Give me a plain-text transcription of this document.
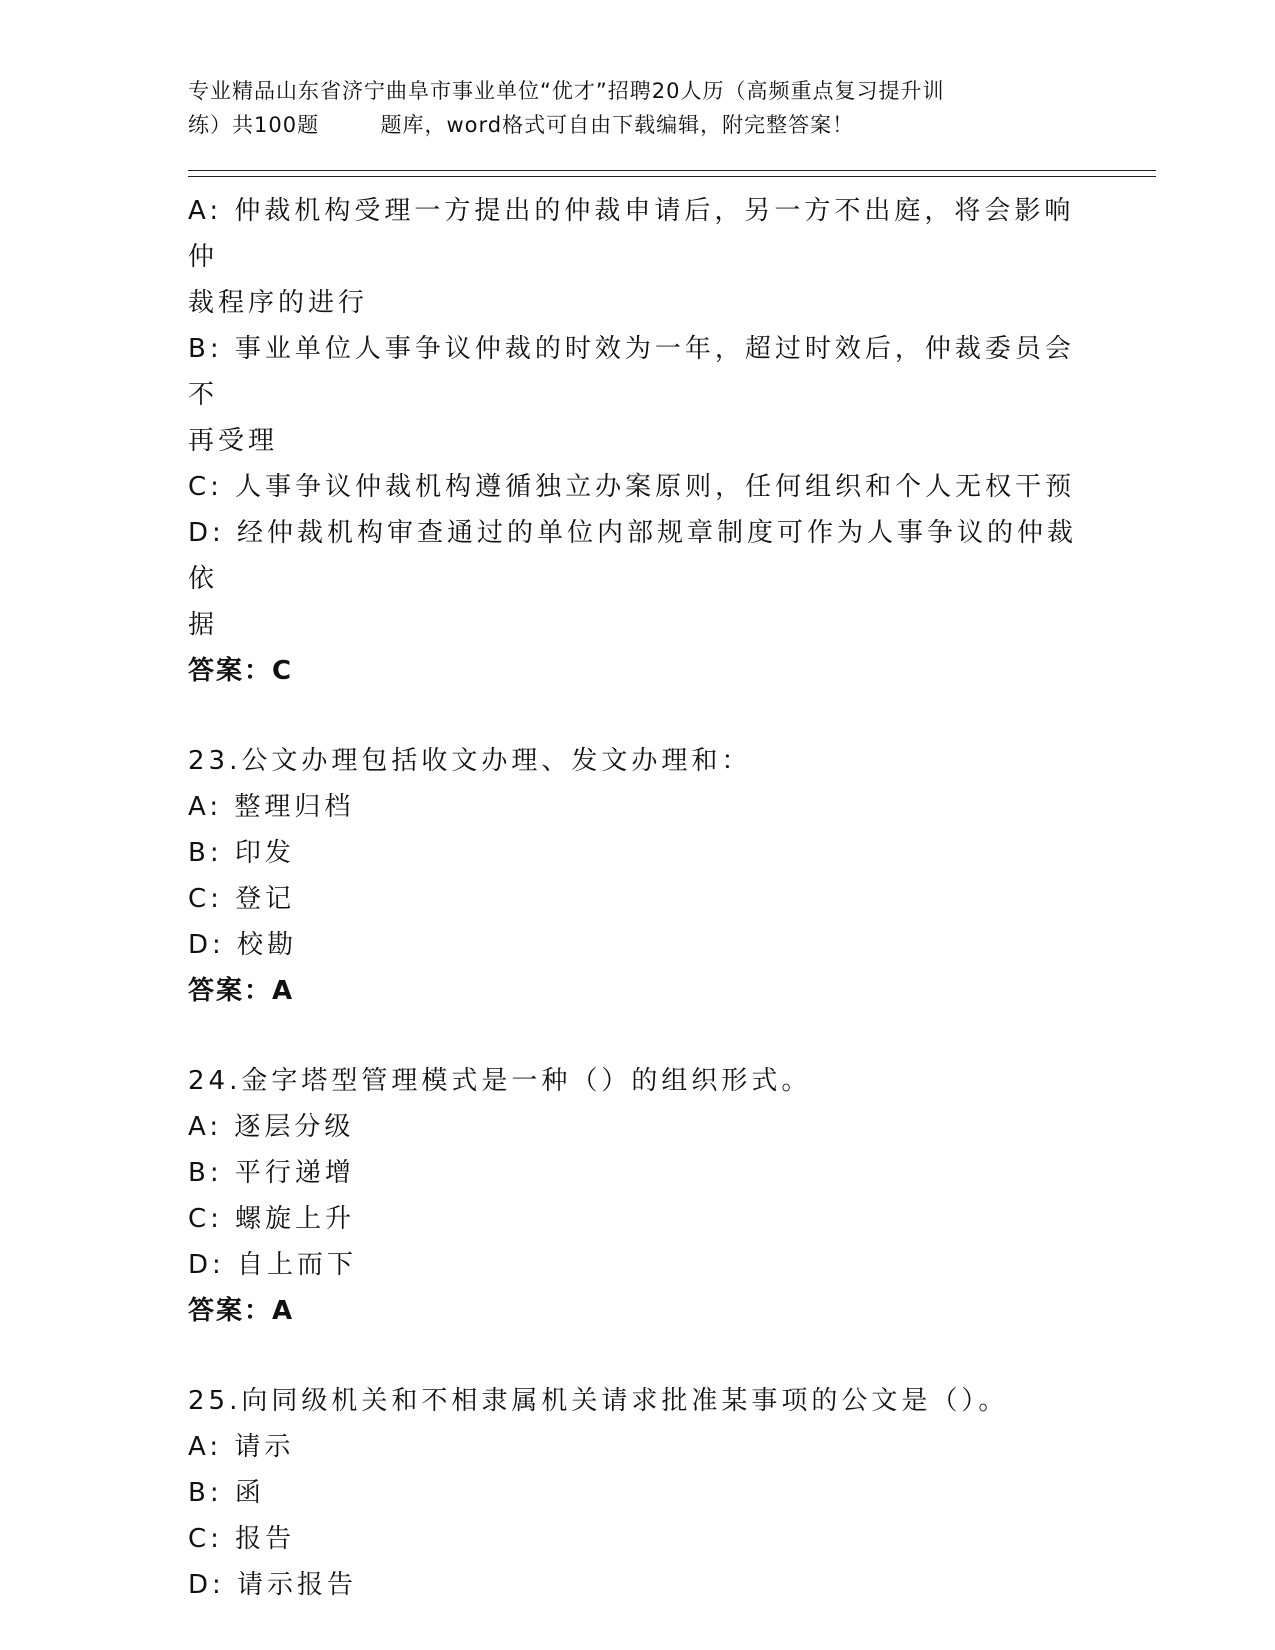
专业精品山东省济宁曲阜市事业单位“优才”招聘20人历（高频重点复习提升训
练）共100题        题库，word格式可自由下载编辑，附完整答案！
A: 仲裁机构受理一方提出的仲裁申请后，另一方不出庭，将会影响仲
裁程序的进行
B: 事业单位人事争议仲裁的时效为一年，超过时效后，仲裁委员会不
再受理
C: 人事争议仲裁机构遵循独立办案原则，任何组织和个人无权干预
D: 经仲裁机构审查通过的单位内部规章制度可作为人事争议的仲裁依
据
答案：C
23.公文办理包括收文办理、发文办理和：
A: 整理归档
B: 印发
C: 登记
D: 校勘
答案：A
24.金字塔型管理模式是一种（）的组织形式。
A: 逐层分级
B: 平行递增
C: 螺旋上升
D: 自上而下
答案：A
25.向同级机关和不相隶属机关请求批准某事项的公文是（）。
A: 请示
B: 函
C: 报告
D: 请示报告
